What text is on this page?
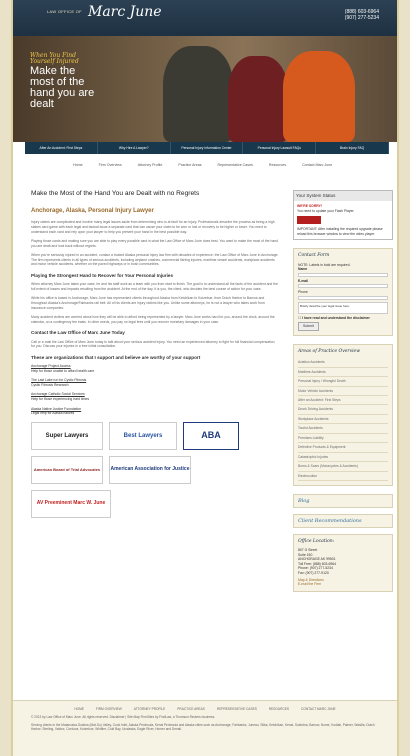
LAW OFFICE OF Marc June	(888) 603-6964
(907) 277-5234
When You Find Yourself Injured
Make the most of the hand you are dealt
After An Accident: First Steps	Why Hire A Lawyer?	Personal Injury Information Center	Personal Injury Lawsuit FAQs	Brain Injury FAQ
Home	Firm Overview	Attorney Profile	Practice Areas	Representative Cases	Resources	Contact Marc June
Make the Most of the Hand You are Dealt with no Regrets
Anchorage, Alaska, Personal Injury Lawyer

Injury claims are complicated and involve many legal issues aside from determining who is at fault for an injury. Professionals describe the process as being a high stakes card game with each legal and factual issue a separate card that can cause your claim to be won or lost or recovery to be higher or lower. You need to understand each card and rely upon your lawyer to help you present your hand in the best possible way.

Playing those cards and making sure you are able to play every possible card is what the Law Office of Marc June does best. You want to make the most of the hand you are dealt and look back without regrets.

When you're seriously injured in an accident, contact a trusted Alaska personal injury law firm with decades of experience: the Law Office of Marc June in Anchorage. The firm represents clients in all types of serious accidents, including airplane crashes, commercial fishing injuries, maritime vessel accidents, workplace accidents and motor vehicle accidents, whether on the paved highways or in bush communities.

Playing the Strongest Hand to Recover for Your Personal Injuries

When attorney Marc June takes your case, he and his staff work as a team with you from start to finish. The goal is to understand all the facts of the accident and the full extent of losses and impacts resulting from the accident. At the end of the day, it is you, the client, who decides the best course of action for your case.

While his office is based in Anchorage, Marc June has represented clients throughout Alaska from Ketchikan to Kotzebue, from Dutch Harbor to Barrow and throughout Alaska's Anchorage/Fairbanks rail belt. All of his clients are injury victims like you. Unlike some attorneys, he is not a lawyer who takes work from insurance companies.

Many accident victims are worried about how they will be able to afford being represented by a lawyer. Marc June works hard for you, around the clock, around the calendar, on a contingency fee basis. In other words, you pay no legal fees until you recover monetary damages in your case.

Contact the Law Office of Marc June Today

Call or e-mail the Law Office of Marc June today to talk about your serious accident injury. You need an experienced attorney to fight for full financial compensation for you. Discuss your injuries in a free initial consultation.

These are organizations that I support and believe are worthy of your support
Anchorage Project Access
Help for those unable to afford health care
The Last Lake run for Cystic Fibrosis
Cystic Fibrosis Research
Anchorage Catholic Social Services
Help for those experiencing hard times
Alaska Native Justice Foundation
Legal help for Alaska natives
Super Lawyers	Best Lawyers	ABA
American Board of Trial Advocates	American Association for Justice
AV Preeminent Marc W. June
Your System Status
WE'RE SORRY!
You need to update your Flash Player.
IMPORTANT: After installing the required upgrade please reload this browser window to view the video player.
Contact Form
NOTE: Labels in bold are required.
Name
E-mail
Phone
Briefly describe your legal issue here.
☐ I have read and understand the disclaimer
Submit
Areas of Practice Overview
Aviation Accidents
Maritime Accidents
Personal Injury / Wrongful Death
Motor Vehicle Accidents
After an Accident: First Steps
Drunk Driving Accidents
Workplace Accidents
Tourist Accidents
Premises Liability
Defective Products & Equipment
Catastrophic Injuries
Burns & Scars (Motorcycles & Accidents)
Electrocution
Blog
Client Recommendations
Office Location:
807 G Street
Suite 150
ANCHORAGE AK 99501
Toll Free: (888) 603-6964
Phone: (907) 277-5234
Fax: (907) 277-9120
Map & Directions
E-mail the Firm
HOME	FIRM OVERVIEW	ATTORNEY PROFILE	PRACTICE AREAS	REPRESENTATIVE CASES	RESOURCES	CONTACT MARC JUNE
© 2013 by Law Office of Marc June. All rights reserved. Disclaimer | Site Map FirmSites by FindLaw, a Thomson Reuters business.
Serving clients in the Matanuska-Susitna (Mat-Su) Valley, Cook Inlet, Alaska Peninsula, Kenai Peninsula and Alaska cities such as Anchorage, Fairbanks, Juneau, Sitka, Ketchikan, Kenai, Soldotna, Barrow, Nome, Kodiak, Palmer, Wasilla, Dutch Harbor, Sterling, Valdez, Cordova, Kotzebue, Whittier, Cold Bay, Unalaska, Eagle River, Homer and Denali.
